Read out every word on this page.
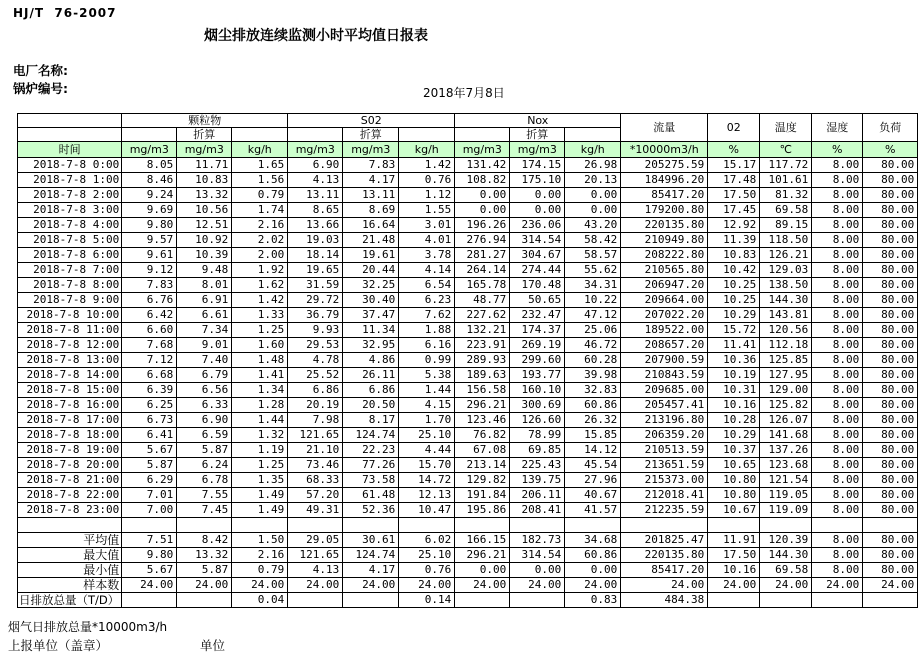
HJ/T  76-2007
烟尘排放连续监测小时平均值日报表
电厂名称:
锅炉编号:	2018年7月8日
	颗粒物			S02			Nox			流量	02	温度	湿度	负荷
		折算			折算			折算						
时间	mg/m3	mg/m3	kg/h	mg/m3	mg/m3	kg/h	mg/m3	mg/m3	kg/h	*10000m3/h	%	℃	%	%
2018-7-8 0:00	8.05	11.71	1.65	6.90	7.83	1.42	131.42	174.15	26.98	205275.59	15.17	117.72	8.00	80.00
2018-7-8 1:00	8.46	10.83	1.56	4.13	4.17	0.76	108.82	175.10	20.13	184996.20	17.48	101.61	8.00	80.00
2018-7-8 2:00	9.24	13.32	0.79	13.11	13.11	1.12	0.00	0.00	0.00	85417.20	17.50	81.32	8.00	80.00
2018-7-8 3:00	9.69	10.56	1.74	8.65	8.69	1.55	0.00	0.00	0.00	179200.80	17.45	69.58	8.00	80.00
2018-7-8 4:00	9.80	12.51	2.16	13.66	16.64	3.01	196.26	236.06	43.20	220135.80	12.92	89.15	8.00	80.00
2018-7-8 5:00	9.57	10.92	2.02	19.03	21.48	4.01	276.94	314.54	58.42	210949.80	11.39	118.50	8.00	80.00
2018-7-8 6:00	9.61	10.39	2.00	18.14	19.61	3.78	281.27	304.67	58.57	208222.80	10.83	126.21	8.00	80.00
2018-7-8 7:00	9.12	9.48	1.92	19.65	20.44	4.14	264.14	274.44	55.62	210565.80	10.42	129.03	8.00	80.00
2018-7-8 8:00	7.83	8.01	1.62	31.59	32.25	6.54	165.78	170.48	34.31	206947.20	10.25	138.50	8.00	80.00
2018-7-8 9:00	6.76	6.91	1.42	29.72	30.40	6.23	48.77	50.65	10.22	209664.00	10.25	144.30	8.00	80.00
2018-7-8 10:00	6.42	6.61	1.33	36.79	37.47	7.62	227.62	232.47	47.12	207022.20	10.29	143.81	8.00	80.00
2018-7-8 11:00	6.60	7.34	1.25	9.93	11.34	1.88	132.21	174.37	25.06	189522.00	15.72	120.56	8.00	80.00
2018-7-8 12:00	7.68	9.01	1.60	29.53	32.95	6.16	223.91	269.19	46.72	208657.20	11.41	112.18	8.00	80.00
2018-7-8 13:00	7.12	7.40	1.48	4.78	4.86	0.99	289.93	299.60	60.28	207900.59	10.36	125.85	8.00	80.00
2018-7-8 14:00	6.68	6.79	1.41	25.52	26.11	5.38	189.63	193.77	39.98	210843.59	10.19	127.95	8.00	80.00
2018-7-8 15:00	6.39	6.56	1.34	6.86	6.86	1.44	156.58	160.10	32.83	209685.00	10.31	129.00	8.00	80.00
2018-7-8 16:00	6.25	6.33	1.28	20.19	20.50	4.15	296.21	300.69	60.86	205457.41	10.16	125.82	8.00	80.00
2018-7-8 17:00	6.73	6.90	1.44	7.98	8.17	1.70	123.46	126.60	26.32	213196.80	10.28	126.07	8.00	80.00
2018-7-8 18:00	6.41	6.59	1.32	121.65	124.74	25.10	76.82	78.99	15.85	206359.20	10.29	141.68	8.00	80.00
2018-7-8 19:00	5.67	5.87	1.19	21.10	22.23	4.44	67.08	69.85	14.12	210513.59	10.37	137.26	8.00	80.00
2018-7-8 20:00	5.87	6.24	1.25	73.46	77.26	15.70	213.14	225.43	45.54	213651.59	10.65	123.68	8.00	80.00
2018-7-8 21:00	6.29	6.78	1.35	68.33	73.58	14.72	129.82	139.75	27.96	215373.00	10.80	121.54	8.00	80.00
2018-7-8 22:00	7.01	7.55	1.49	57.20	61.48	12.13	191.84	206.11	40.67	212018.41	10.80	119.05	8.00	80.00
2018-7-8 23:00	7.00	7.45	1.49	49.31	52.36	10.47	195.86	208.41	41.57	212235.59	10.67	119.09	8.00	80.00

平均值	7.51	8.42	1.50	29.05	30.61	6.02	166.15	182.73	34.68	201825.47	11.91	120.39	8.00	80.00
最大值	9.80	13.32	2.16	121.65	124.74	25.10	296.21	314.54	60.86	220135.80	17.50	144.30	8.00	80.00
最小值	5.67	5.87	0.79	4.13	4.17	0.76	0.00	0.00	0.00	85417.20	10.16	69.58	8.00	80.00
样本数	24.00	24.00	24.00	24.00	24.00	24.00	24.00	24.00	24.00	24.00	24.00	24.00	24.00	24.00
日排放总量（T/D）			0.04			0.14			0.83	484.38				
烟气日排放总量*10000m3/h
上报单位（盖章）	单位
